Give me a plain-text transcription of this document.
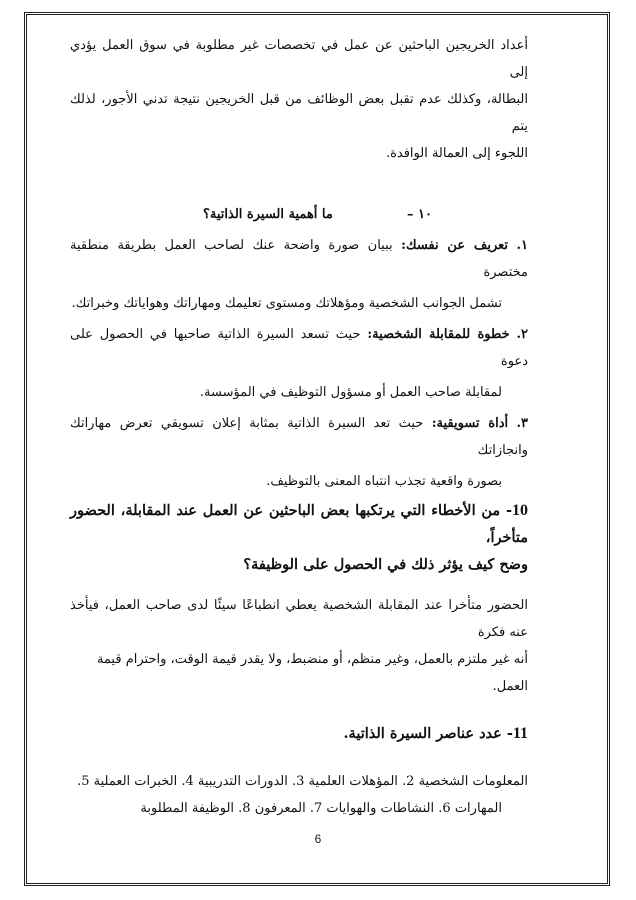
أعداد الخريجين الباحثين عن عمل في تخصصات غير مطلوبة في سوق العمل يؤدي إلى
البطالة، وكذلك عدم تقبل بعض الوظائف من قبل الخريجين نتيجة تدني الأجور، لذلك يتم
اللجوء إلى العمالة الوافدة.

١٠ – ما أهمية السيرة الذاتية؟
١. تعريف عن نفسك: ببيان صورة واضحة عنك لصاحب العمل بطريقة منطقية مختصرة
تشمل الجوانب الشخصية ومؤهلاتك ومستوى تعليمك ومهاراتك وهواياتك وخبراتك.
٢. خطوة للمقابلة الشخصية: حيث تسعد السيرة الذاتية صاحبها في الحصول على دعوة
لمقابلة صاحب العمل أو مسؤول التوظيف في المؤسسة.
٣. أداة تسويقية: حيث تعد السيرة الذاتية بمثابة إعلان تسويقي تعرض مهاراتك وانجازاتك
بصورة واقعية تجذب انتباه المعنى بالتوظيف.
10- من الأخطاء التي يرتكبها بعض الباحثين عن العمل عند المقابلة، الحضور متأخراً،
وضح كيف يؤثر ذلك في الحصول على الوظيفة؟

الحضور متأخرا عند المقابلة الشخصية يعطي انطباعًا سيئًا لدى صاحب العمل، فيأخذ عنه فكرة
أنه غير ملتزم بالعمل، وغير منظم، أو منضبط، ولا يقدر قيمة الوقت، واحترام قيمة العمل.

11- عدد عناصر السيرة الذاتية.

المعلومات الشخصية 2. المؤهلات العلمية 3. الدورات التدريبية 4. الخبرات العملية 5.
المهارات 6. النشاطات والهوايات 7. المعرفون 8. الوظيفة المطلوبة

6
